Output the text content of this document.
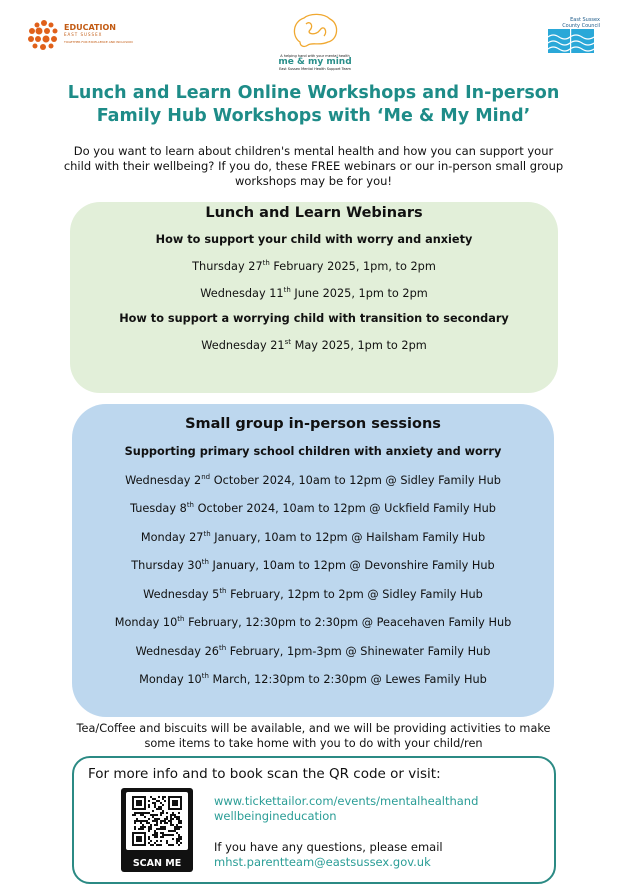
EDUCATION
EAST SUSSEX
TOGETHER FOR EXCELLENCE AND INCLUSION
A helping hand with your mental health
me & my mind
East Sussex Mental Health Support Team
East Sussex
County Council
Lunch and Learn Online Workshops and In-person
Family Hub Workshops with ‘Me & My Mind’
Do you want to learn about children's mental health and how you can support your child with their wellbeing? If you do, these FREE webinars or our in-person small group workshops may be for you!
Lunch and Learn Webinars
How to support your child with worry and anxiety
Thursday 27th February 2025, 1pm, to 2pm
Wednesday 11th June 2025, 1pm to 2pm
How to support a worrying child with transition to secondary
Wednesday 21st May 2025, 1pm to 2pm
Small group in-person sessions
Supporting primary school children with anxiety and worry
Wednesday 2nd October 2024, 10am to 12pm @ Sidley Family Hub
Tuesday 8th October 2024, 10am to 12pm @ Uckfield Family Hub
Monday 27th January, 10am to 12pm @ Hailsham Family Hub
Thursday 30th January, 10am to 12pm @ Devonshire Family Hub
Wednesday 5th February, 12pm to 2pm @ Sidley Family Hub
Monday 10th February, 12:30pm to 2:30pm @ Peacehaven Family Hub
Wednesday 26th February, 1pm-3pm @ Shinewater Family Hub
Monday 10th March, 12:30pm to 2:30pm @ Lewes Family Hub
Tea/Coffee and biscuits will be available, and we will be providing activities to make some items to take home with you to do with your child/ren
For more info and to book scan the QR code or visit:
SCAN ME
www.tickettailor.com/events/mentalhealthand
wellbeingineducation
If you have any questions, please email
mhst.parentteam@eastsussex.gov.uk
